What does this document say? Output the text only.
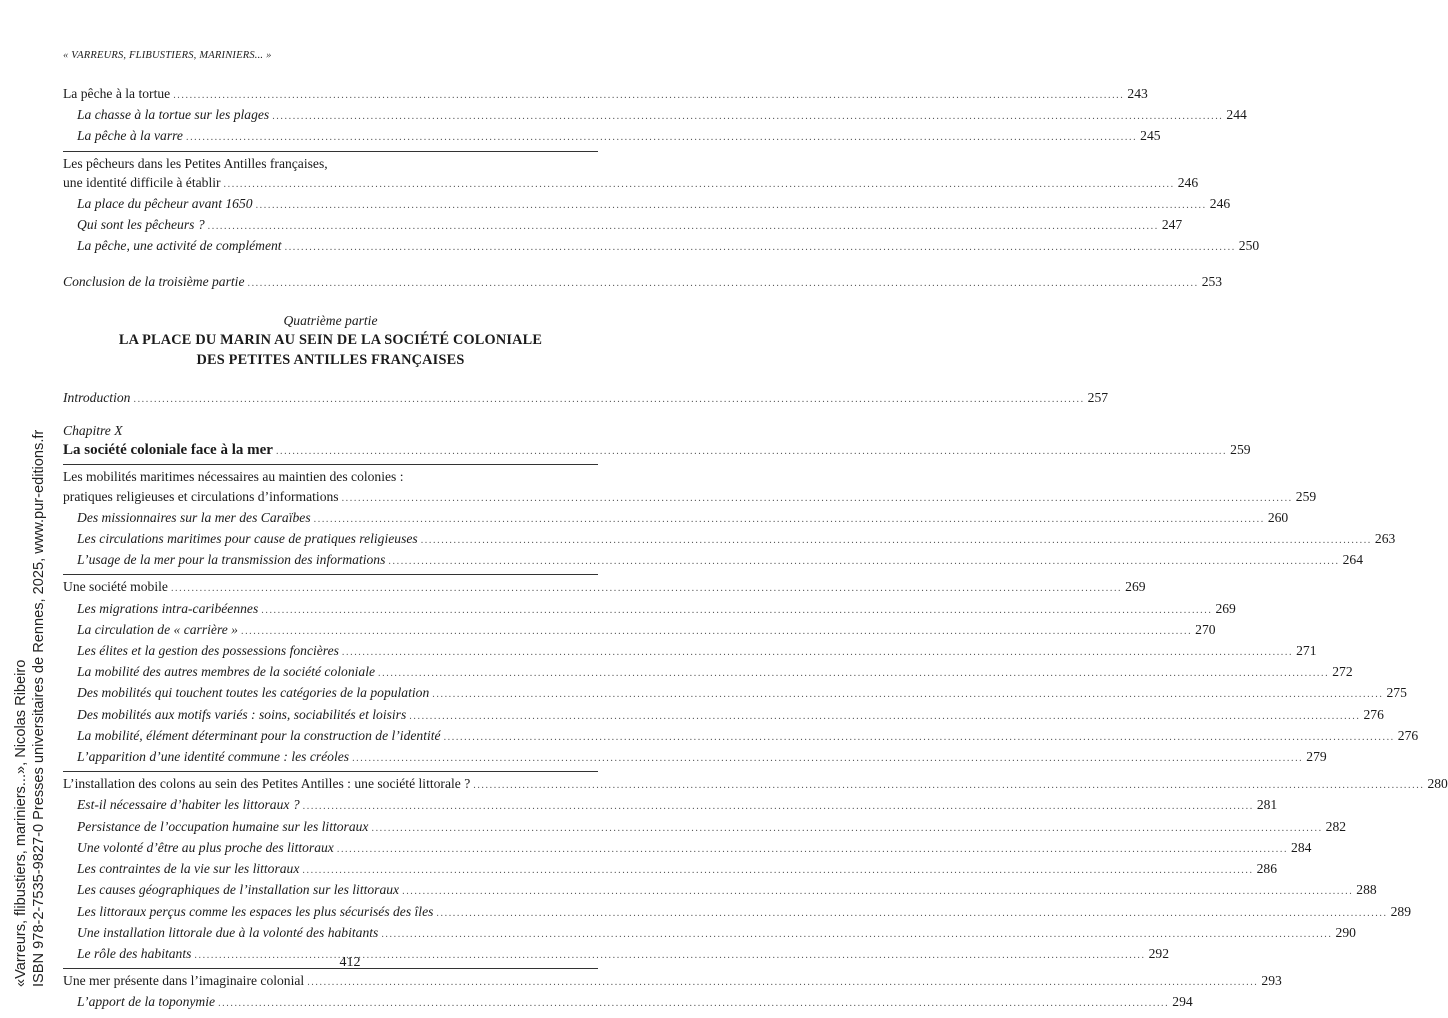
« VARREURS, FLIBUSTIERS, MARINIERS... »
La pêche à la tortue .....	243
La chasse à la tortue sur les plages .....	244
La pêche à la varre .....	245
Les pêcheurs dans les Petites Antilles françaises,
une identité difficile à établir .....	246
La place du pêcheur avant 1650 .....	246
Qui sont les pêcheurs ? .....	247
La pêche, une activité de complément .....	250
Conclusion de la troisième partie .....	253
Quatrième partie
LA PLACE DU MARIN AU SEIN DE LA SOCIÉTÉ COLONIALE
DES PETITES ANTILLES FRANÇAISES
Introduction .....	257
Chapitre X
La société coloniale face à la mer .....	259
Les mobilités maritimes nécessaires au maintien des colonies :
pratiques religieuses et circulations d’informations .....	259
Des missionnaires sur la mer des Caraïbes .....	260
Les circulations maritimes pour cause de pratiques religieuses .....	263
L’usage de la mer pour la transmission des informations .....	264
Une société mobile .....	269
Les migrations intra-caribéennes .....	269
La circulation de « carrière » .....	270
Les élites et la gestion des possessions foncières .....	271
La mobilité des autres membres de la société coloniale .....	272
Des mobilités qui touchent toutes les catégories de la population .....	275
Des mobilités aux motifs variés : soins, sociabilités et loisirs .....	276
La mobilité, élément déterminant pour la construction de l’identité .....	276
L’apparition d’une identité commune : les créoles .....	279
L’installation des colons au sein des Petites Antilles : une société littorale ? .....	280
Est-il nécessaire d’habiter les littoraux ? .....	281
Persistance de l’occupation humaine sur les littoraux .....	282
Une volonté d’être au plus proche des littoraux .....	284
Les contraintes de la vie sur les littoraux .....	286
Les causes géographiques de l’installation sur les littoraux .....	288
Les littoraux perçus comme les espaces les plus sécurisés des îles .....	289
Une installation littorale due à la volonté des habitants .....	290
Le rôle des habitants .....	292
Une mer présente dans l’imaginaire colonial .....	293
L’apport de la toponymie .....	294
412
«Varreurs, flibustiers, mariniers...», Nicolas Ribeiro ISBN 978-2-7535-9827-0 Presses universitaires de Rennes, 2025, www.pur-editions.fr
